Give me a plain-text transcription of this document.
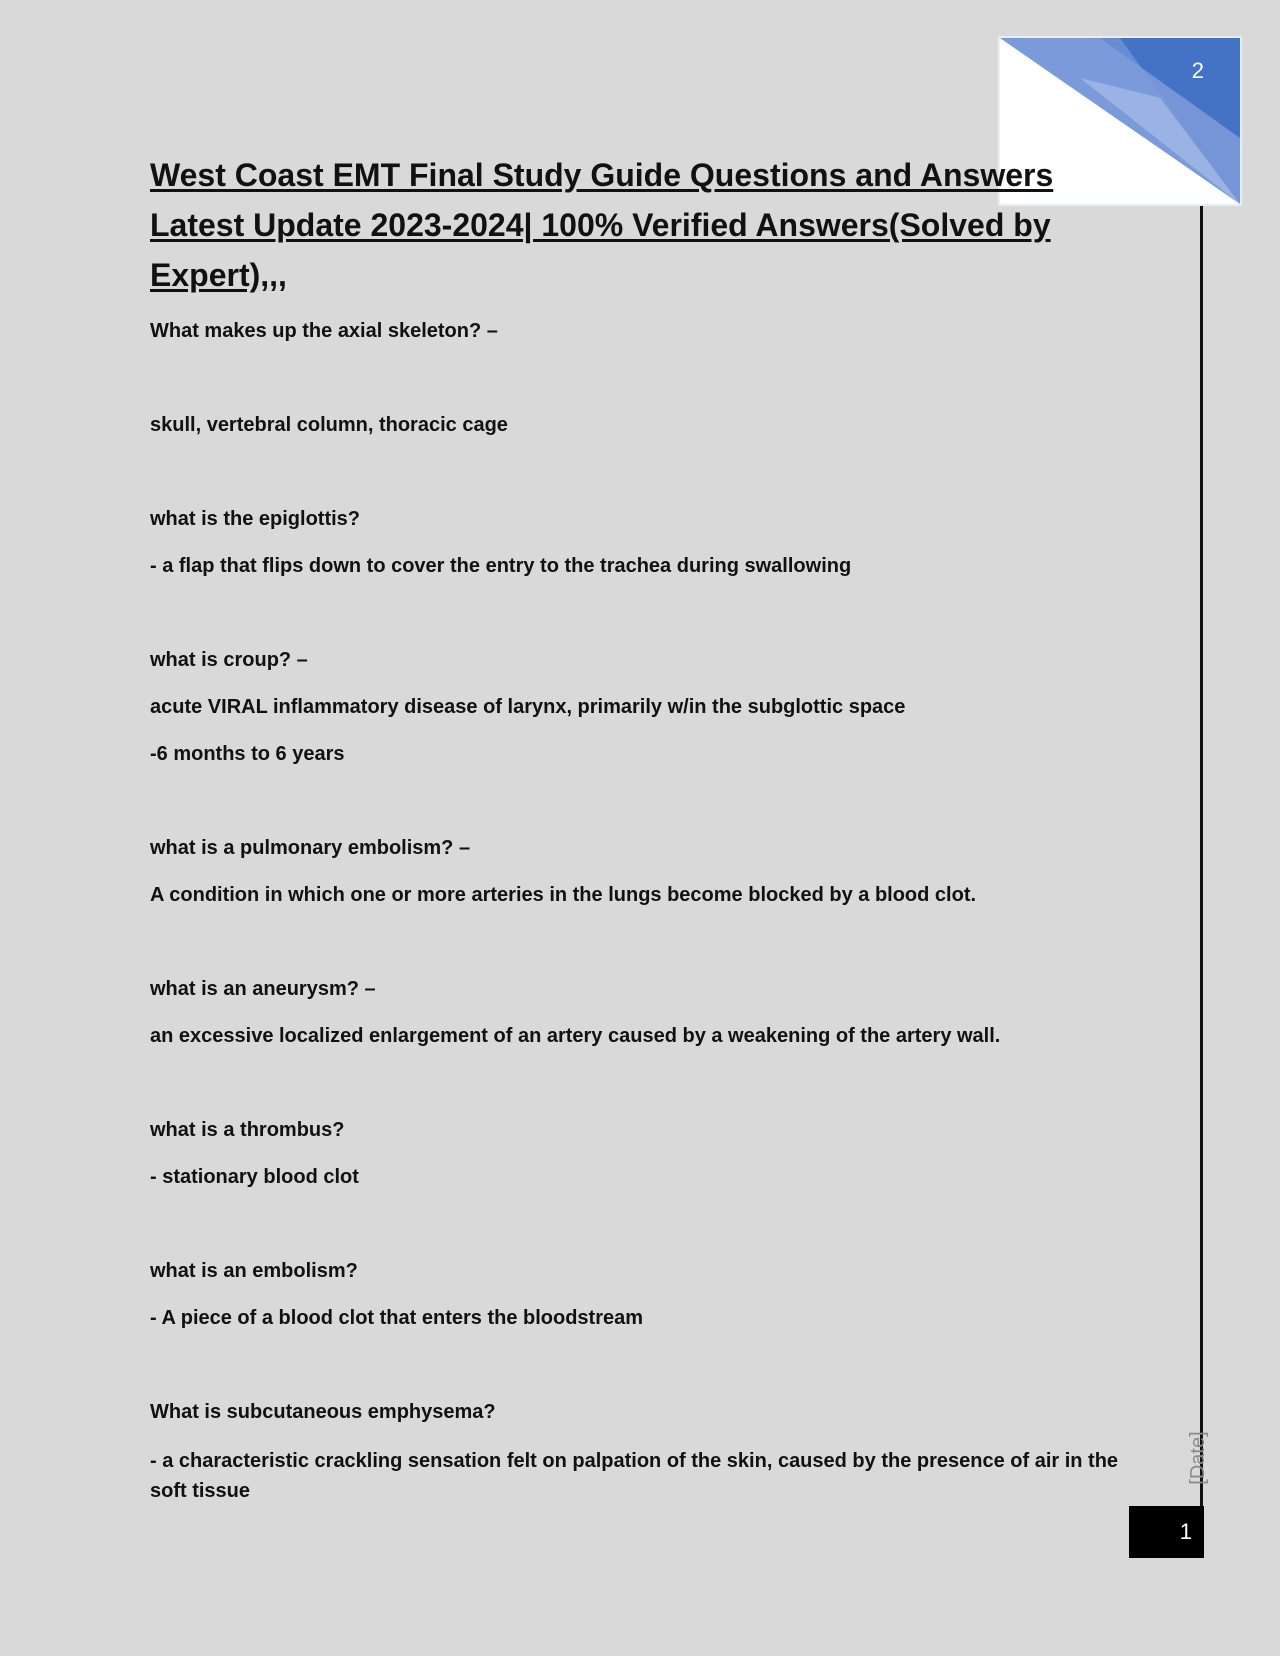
2
[Date]
1
West Coast EMT Final Study Guide Questions and Answers Latest Update 2023-2024| 100% Verified Answers(Solved by Expert),,,
What makes up the axial skeleton? –
skull, vertebral column, thoracic cage
what is the epiglottis?
- a flap that flips down to cover the entry to the trachea during swallowing
what is croup? –
acute VIRAL inflammatory disease of larynx, primarily w/in the subglottic space
-6 months to 6 years
what is a pulmonary embolism? –
A condition in which one or more arteries in the lungs become blocked by a blood clot.
what is an aneurysm? –
an excessive localized enlargement of an artery caused by a weakening of the artery wall.
what is a thrombus?
- stationary blood clot
what is an embolism?
- A piece of a blood clot that enters the bloodstream
What is subcutaneous emphysema?
- a characteristic crackling sensation felt on palpation of the skin, caused by the presence of air in the soft tissue
